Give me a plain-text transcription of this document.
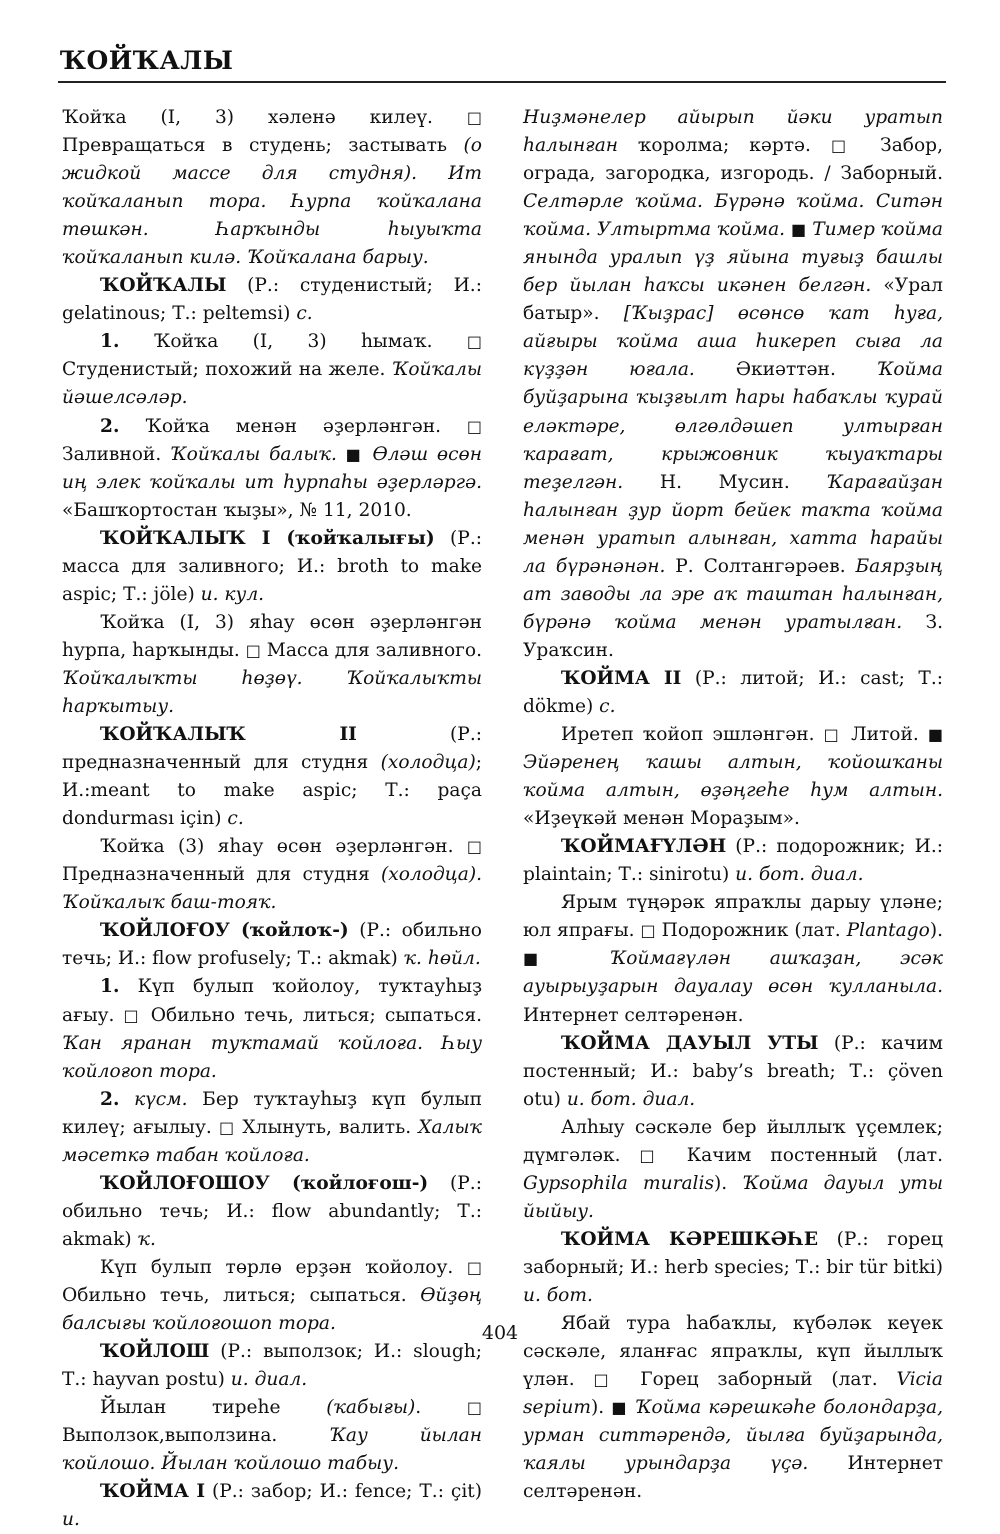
ҠОЙҠАЛЫ

Ҡойҡа (I, 3) хәленә килеү. □ Превращаться в студень; застывать (о жидкой массе для студня). Ит ҡойҡаланып тора. Һурпа ҡойҡалана төшкән. Һарҡынды һыуыҡта ҡойҡаланып килә. Ҡойҡалана барыу.

ҠОЙҠАЛЫ (Р.: студенистый; И.: gelatinous; Т.: peltemsi) с.

1. Ҡойҡа (I, 3) һымаҡ. □ Студенистый; похожий на желе. Ҡойҡалы йәшелсәләр.

2. Ҡойҡа менән әҙерләнгән. □ Заливной. Ҡойҡалы балыҡ. ■ Өләш өсөн иң элек ҡойҡалы ит һурпаһы әҙерләргә. «Башҡортостан ҡыҙы», № 11, 2010.

ҠОЙҠАЛЫҠ I (ҡойҡалығы) (Р.: масса для заливного; И.: broth to make aspic; Т.: jöle) и. кул.

Ҡойҡа (I, 3) яһау өсөн әҙерләнгән һурпа, һарҡынды. □ Масса для заливного. Ҡойҡалыҡты һөҙөү. Ҡойҡалыҡты һарҡытыу.

ҠОЙҠАЛЫҠ II (Р.: предназначенный для студня (холодца); И.:meant to make aspic; Т.: paça dondurması için) с.

Ҡойҡа (3) яһау өсөн әҙерләнгән. □ Предназначенный для студня (холодца). Ҡойҡалыҡ баш-тояҡ.

ҠОЙЛОҒОУ (ҡойлоҡ-) (Р.: обильно течь; И.: flow profusely; Т.: akmak) ҡ. һөйл.

1. Күп булып ҡойолоу, туҡтауһыҙ ағыу. □ Обильно течь, литься; сыпаться. Ҡан яранан туҡтамай ҡойлоға. Һыу ҡойлоғоп тора.

2. күсм. Бер туҡтауһыҙ күп булып килеү; ағылыу. □ Хлынуть, валить. Халыҡ мәсеткә табан ҡойлоға.

ҠОЙЛОҒОШОУ (ҡойлоғош-) (Р.: обильно течь; И.: flow abundantly; Т.: akmak) ҡ.

Күп булып төрлө ерҙән ҡойолоу. □ Обильно течь, литься; сыпаться. Өйҙөң балсығы ҡойлоғошоп тора.

ҠОЙЛОШ (Р.: выползок; И.: slough; Т.: hayvan postu) и. диал.

Йылан тиреһе (ҡабығы). □ Выползок,выползина. Ҡау йылан ҡойлошо. Йылан ҡойлошо табыу.

ҠОЙМА I (Р.: забор; И.: fence; Т.: çit) и.

Ниҙмәнелер айырып йәки уратып һалынған ҡоролма; кәртә. □ Забор, ограда, загородка, изгородь. / Заборный. Селтәрле ҡойма. Бүрәнә ҡойма. Ситән ҡойма. Ултыртма ҡойма. ■ Тимер ҡойма янында уралып үҙ яйына туғыҙ башлы бер йылан һаҡсы икәнен белгән. «Урал батыр». [Ҡыҙрас] өсөнсө ҡат һуға, айғыры ҡойма аша һикереп сыға ла күҙҙән юғала. Әкиәттән. Ҡойма буйҙарына ҡыҙғылт һары һабаҡлы ҡурай еләктәре, өлгөлдәшеп ултырған ҡарағат, крыжовник ҡыуаҡтары теҙелгән. Н. Мусин. Ҡарағайҙан һалынған ҙур йорт бейек таҡта ҡойма менән уратып алынған, хатта һарайы ла бүрәнәнән. Р. Солтангәрәев. Баярҙың ат заводы ла эре аҡ таштан һалынған, бүрәнә ҡойма менән уратылған. З. Ураҡсин.

ҠОЙМА II (Р.: литой; И.: cast; Т.: dökme) с.

Иретеп ҡойоп эшләнгән. □ Литой. ■ Эйәренең ҡашы алтын, ҡойошҡаны ҡойма алтын, өҙәңгеһе һум алтын. «Иҙеүкәй менән Мораҙым».

ҠОЙМАҒҮЛӘН (Р.: подорожник; И.: plaintain; Т.: sinirotu) и. бот. диал.

Ярым түңәрәк япраҡлы дарыу үләне; юл япрағы. □ Подорожник (лат. Plantago). ■ Ҡоймағүлән ашҡаҙан, эсәк ауырыуҙарын дауалау өсөн ҡулланыла. Интернет селтәренән.

ҠОЙМА ДАУЫЛ УТЫ (Р.: качим постенный; И.: baby’s breath; Т.: çöven otu) и. бот. диал.

Алһыу сәскәле бер йыллыҡ үҫемлек; дүмгәләк. □ Качим постенный (лат. Gypsophila muralis). Ҡойма дауыл уты йыйыу.

ҠОЙМА КӘРЕШКӘҺЕ (Р.: горец заборный; И.: herb species; Т.: bir tür bitki) и. бот.

Ябай тура һабаҡлы, күбәләк кеүек сәскәле, яланғас япраҡлы, күп йыллыҡ үлән. □ Горец заборный (лат. Vicia sepium). ■ Ҡойма кәрешкәһе болондарҙа, урман ситтәрендә, йылға буйҙарында, ҡаялы урындарҙа үҫә. Интернет селтәренән.

404
